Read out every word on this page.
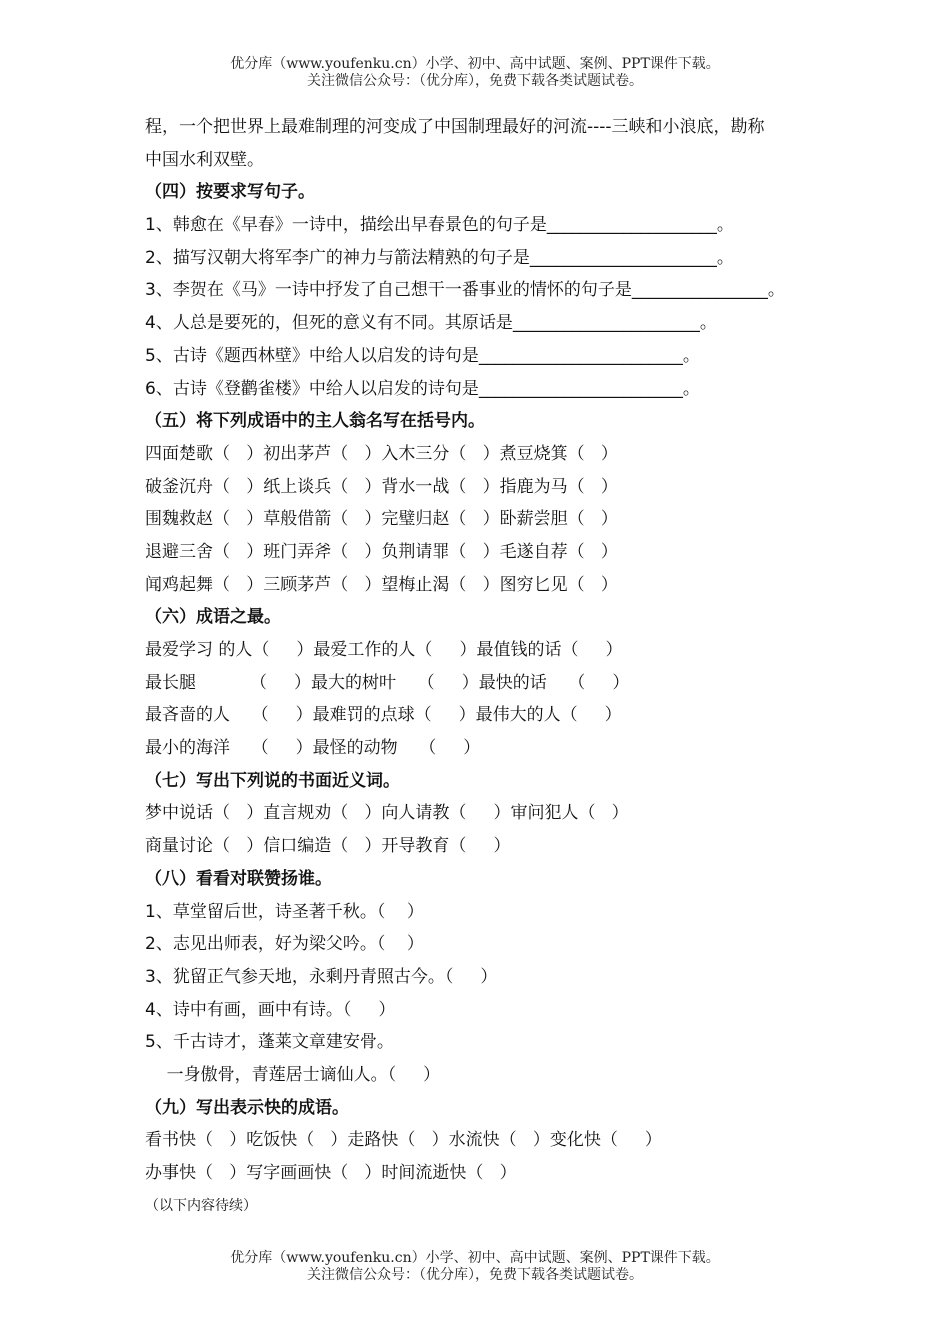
优分库（www.youfenku.cn）小学、初中、高中试题、案例、PPT课件下载。
关注微信公众号：（优分库），免费下载各类试题试卷。
程，一个把世界上最难制理的河变成了中国制理最好的河流----三峡和小浪底，勘称
中国水利双壁。
（四）按要求写句子。
1、韩愈在《早春》一诗中，描绘出早春景色的句子是____________________。
2、描写汉朝大将军李广的神力与箭法精熟的句子是______________________。
3、李贺在《马》一诗中抒发了自己想干一番事业的情怀的句子是________________。
4、人总是要死的，但死的意义有不同。其原话是______________________。
5、古诗《题西林壁》中给人以启发的诗句是________________________。
6、古诗《登鹳雀楼》中给人以启发的诗句是________________________。
（五）将下列成语中的主人翁名写在括号内。
四面楚歌（   ）初出茅芦（   ）入木三分（   ）煮豆烧箕（   ）
破釜沉舟（   ）纸上谈兵（   ）背水一战（   ）指鹿为马（   ）
围魏救赵（   ）草般借箭（   ）完璧归赵（   ）卧薪尝胆（   ）
退避三舍（   ）班门弄斧（   ）负荆请罪（   ）毛遂自荐（   ）
闻鸡起舞（   ）三顾茅芦（   ）望梅止渴（   ）图穷匕见（   ）
（六）成语之最。
最爱学习 的人（     ）最爱工作的人（     ）最值钱的话（     ）
最长腿          （     ）最大的树叶    （     ）最快的话    （     ）
最吝啬的人    （     ）最难罚的点球（     ）最伟大的人（     ）
最小的海洋    （     ）最怪的动物    （     ）
（七）写出下列说的书面近义词。
梦中说话（   ）直言规劝（   ）向人请教（     ）审问犯人（   ）
商量讨论（   ）信口编造（   ）开导教育（     ）
（八）看看对联赞扬谁。
1、草堂留后世，诗圣著千秋。（    ）
2、志见出师表，好为梁父吟。（    ）
3、犹留正气参天地，永剩丹青照古今。（     ）
4、诗中有画，画中有诗。（     ）
5、千古诗才，蓬莱文章建安骨。
一身傲骨，青莲居士谪仙人。（     ）
（九）写出表示快的成语。
看书快（   ）吃饭快（   ）走路快（   ）水流快（   ）变化快（     ）
办事快（   ）写字画画快（   ）时间流逝快（   ）
（以下内容待续）
优分库（www.youfenku.cn）小学、初中、高中试题、案例、PPT课件下载。
关注微信公众号：（优分库），免费下载各类试题试卷。
